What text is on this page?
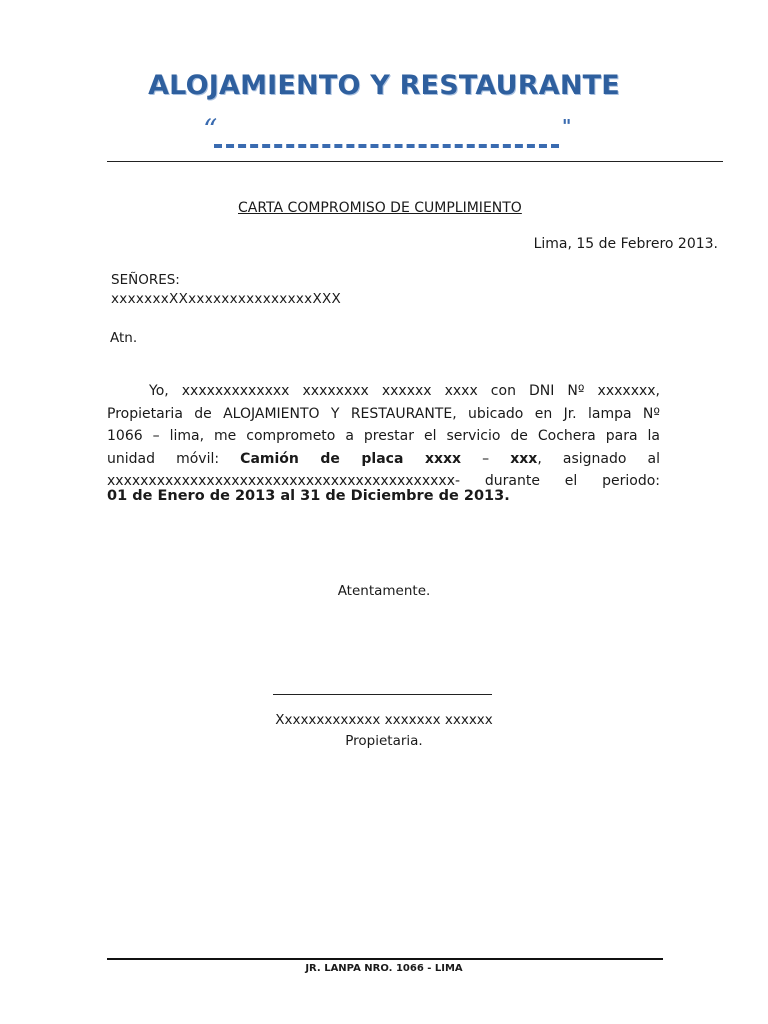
ALOJAMIENTO Y RESTAURANTE
“	"
CARTA COMPROMISO DE CUMPLIMIENTO
Lima, 15 de Febrero 2013.
SEÑORES:
xxxxxxxXXxxxxxxxxxxxxxxxXXX
Atn.
Yo, xxxxxxxxxxxxx xxxxxxxx xxxxxx xxxx con DNI Nº xxxxxxx,
Propietaria de ALOJAMIENTO Y RESTAURANTE, ubicado en Jr. lampa Nº
1066 – lima, me comprometo a prestar el servicio de Cochera para la
unidad móvil: Camión de placa xxxx – xxx, asignado al
xxxxxxxxxxxxxxxxxxxxxxxxxxxxxxxxxxxxxxxxxx- durante el periodo:
01 de Enero de 2013 al 31 de Diciembre de 2013.
Atentamente.
Xxxxxxxxxxxxx xxxxxxx xxxxxx
Propietaria.
JR. LANPA NRO. 1066 - LIMA
